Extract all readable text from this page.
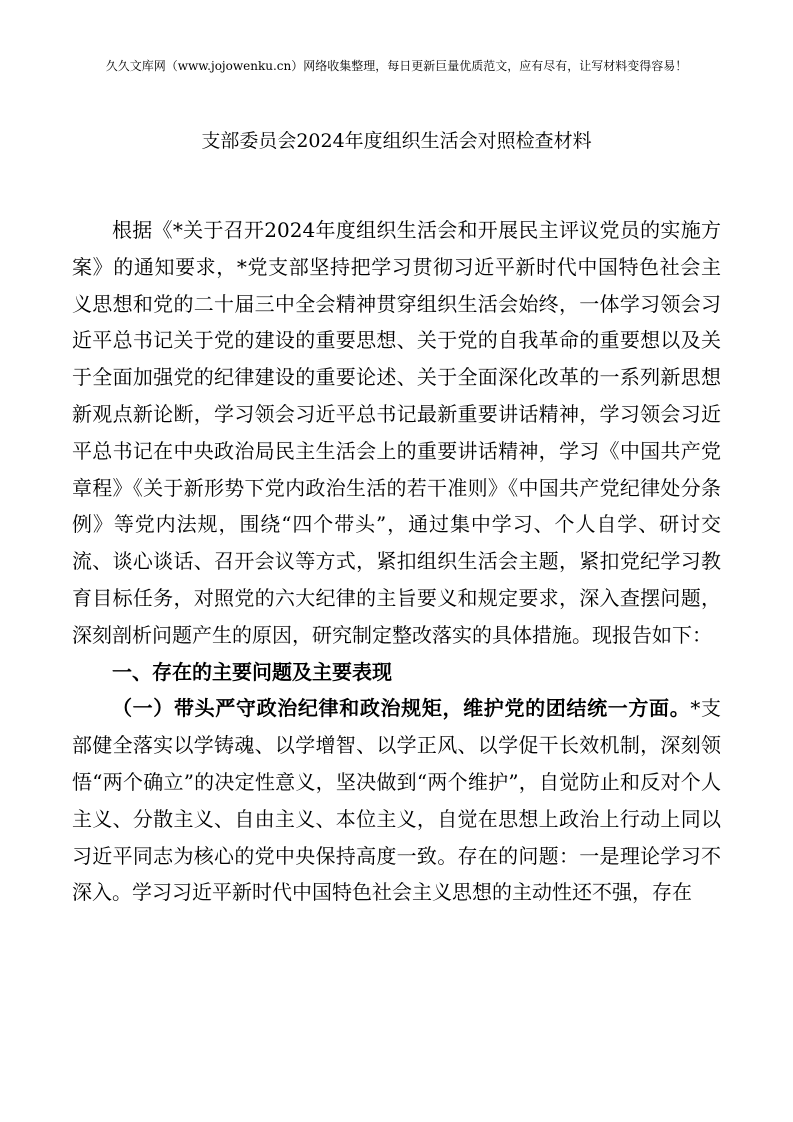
久久文库网（www.jojowenku.cn）网络收集整理，每日更新巨量优质范文，应有尽有，让写材料变得容易！
支部委员会2024年度组织生活会对照检查材料

根据《*关于召开2024年度组织生活会和开展民主评议党员的实施方案》的通知要求，*党支部坚持把学习贯彻习近平新时代中国特色社会主义思想和党的二十届三中全会精神贯穿组织生活会始终，一体学习领会习近平总书记关于党的建设的重要思想、关于党的自我革命的重要想以及关于全面加强党的纪律建设的重要论述、关于全面深化改革的一系列新思想新观点新论断，学习领会习近平总书记最新重要讲话精神，学习领会习近平总书记在中央政治局民主生活会上的重要讲话精神，学习《中国共产党章程》《关于新形势下党内政治生活的若干准则》《中国共产党纪律处分条例》等党内法规，围绕“四个带头”，通过集中学习、个人自学、研讨交流、谈心谈话、召开会议等方式，紧扣组织生活会主题，紧扣党纪学习教育目标任务，对照党的六大纪律的主旨要义和规定要求，深入查摆问题，深刻剖析问题产生的原因，研究制定整改落实的具体措施。现报告如下：

一、存在的主要问题及主要表现

（一）带头严守政治纪律和政治规矩，维护党的团结统一方面。*支部健全落实以学铸魂、以学增智、以学正风、以学促干长效机制，深刻领悟“两个确立”的决定性意义，坚决做到“两个维护”，自觉防止和反对个人主义、分散主义、自由主义、本位主义，自觉在思想上政治上行动上同以习近平同志为核心的党中央保持高度一致。存在的问题：一是理论学习不深入。学习习近平新时代中国特色社会主义思想的主动性还不强，存在
